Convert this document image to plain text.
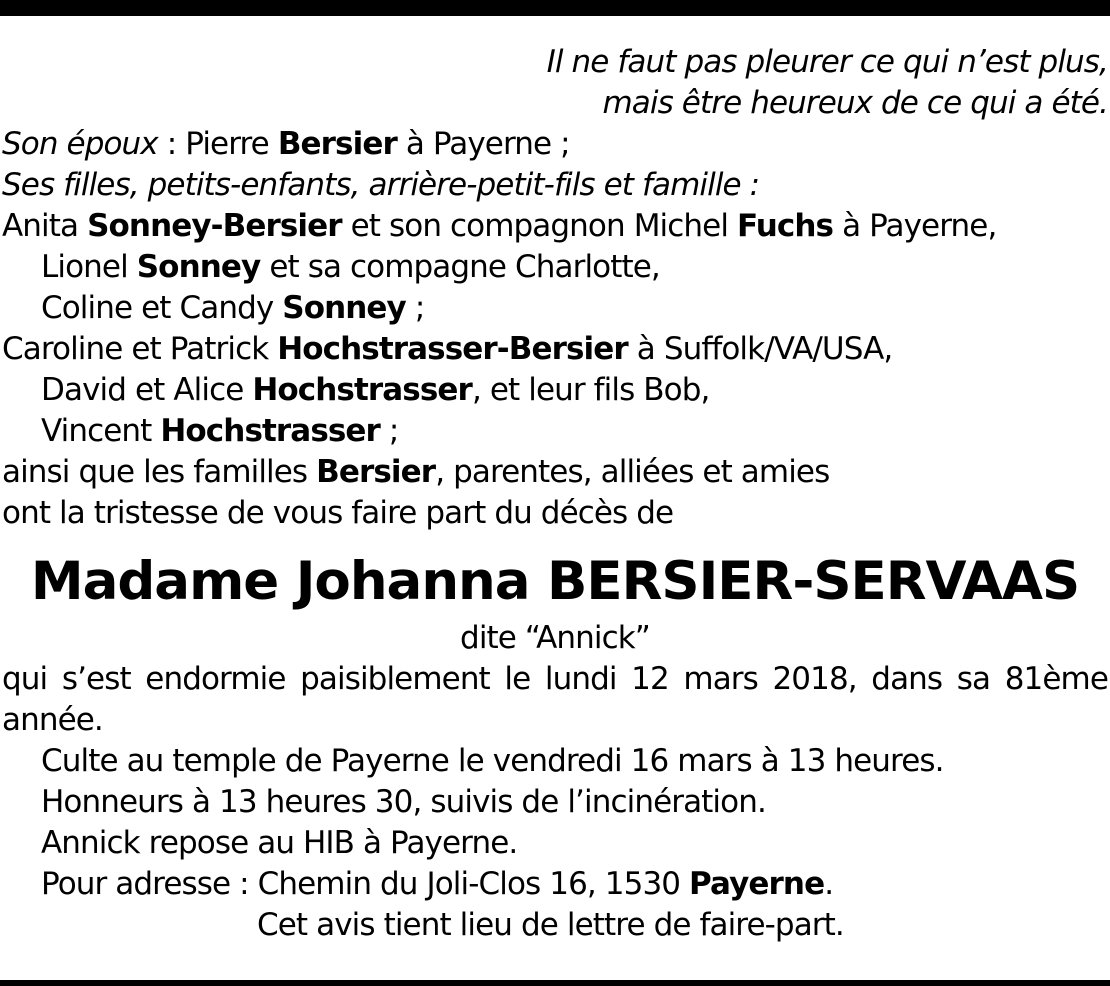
Il ne faut pas pleurer ce qui n’est plus,
mais être heureux de ce qui a été.
Son époux : Pierre Bersier à Payerne ;
Ses filles, petits-enfants, arrière-petit-fils et famille :
Anita Sonney-Bersier et son compagnon Michel Fuchs à Payerne,
Lionel Sonney et sa compagne Charlotte,
Coline et Candy Sonney ;
Caroline et Patrick Hochstrasser-Bersier à Suffolk/VA/USA,
David et Alice Hochstrasser, et leur fils Bob,
Vincent Hochstrasser ;
ainsi que les familles Bersier, parentes, alliées et amies
ont la tristesse de vous faire part du décès de
Madame Johanna BERSIER-SERVAAS
dite “Annick”
qui s’est endormie paisiblement le lundi 12 mars 2018, dans sa 81ème année.
Culte au temple de Payerne le vendredi 16 mars à 13 heures.
Honneurs à 13 heures 30, suivis de l’incinération.
Annick repose au HIB à Payerne.
Pour adresse : Chemin du Joli-Clos 16, 1530 Payerne.
Cet avis tient lieu de lettre de faire-part.
